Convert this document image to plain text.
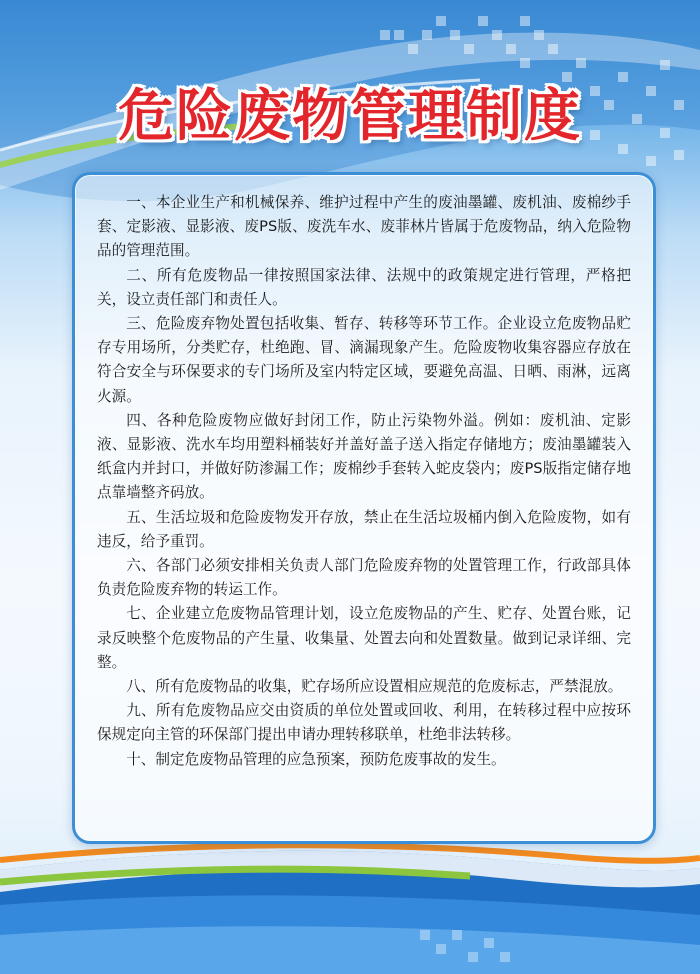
危险废物管理制度

一、本企业生产和机械保养、维护过程中产生的废油墨罐、废机油、废棉纱手套、定影液、显影液、废PS版、废洗车水、废菲林片皆属于危废物品，纳入危险物品的管理范围。

二、所有危废物品一律按照国家法律、法规中的政策规定进行管理，严格把关，设立责任部门和责任人。

三、危险废弃物处置包括收集、暂存、转移等环节工作。企业设立危废物品贮存专用场所，分类贮存，杜绝跑、冒、滴漏现象产生。危险废物收集容器应存放在符合安全与环保要求的专门场所及室内特定区域，要避免高温、日晒、雨淋，远离火源。

四、各种危险废物应做好封闭工作，防止污染物外溢。例如：废机油、定影液、显影液、洗水车均用塑料桶装好并盖好盖子送入指定存储地方；废油墨罐装入纸盒内并封口，并做好防渗漏工作；废棉纱手套转入蛇皮袋内；废PS版指定储存地点靠墙整齐码放。

五、生活垃圾和危险废物发开存放，禁止在生活垃圾桶内倒入危险废物，如有违反，给予重罚。

六、各部门必须安排相关负责人部门危险废弃物的处置管理工作，行政部具体负责危险废弃物的转运工作。

七、企业建立危废物品管理计划，设立危废物品的产生、贮存、处置台账，记录反映整个危废物品的产生量、收集量、处置去向和处置数量。做到记录详细、完整。

八、所有危废物品的收集，贮存场所应设置相应规范的危废标志，严禁混放。

九、所有危废物品应交由资质的单位处置或回收、利用，在转移过程中应按环保规定向主管的环保部门提出申请办理转移联单，杜绝非法转移。

十、制定危废物品管理的应急预案，预防危废事故的发生。
